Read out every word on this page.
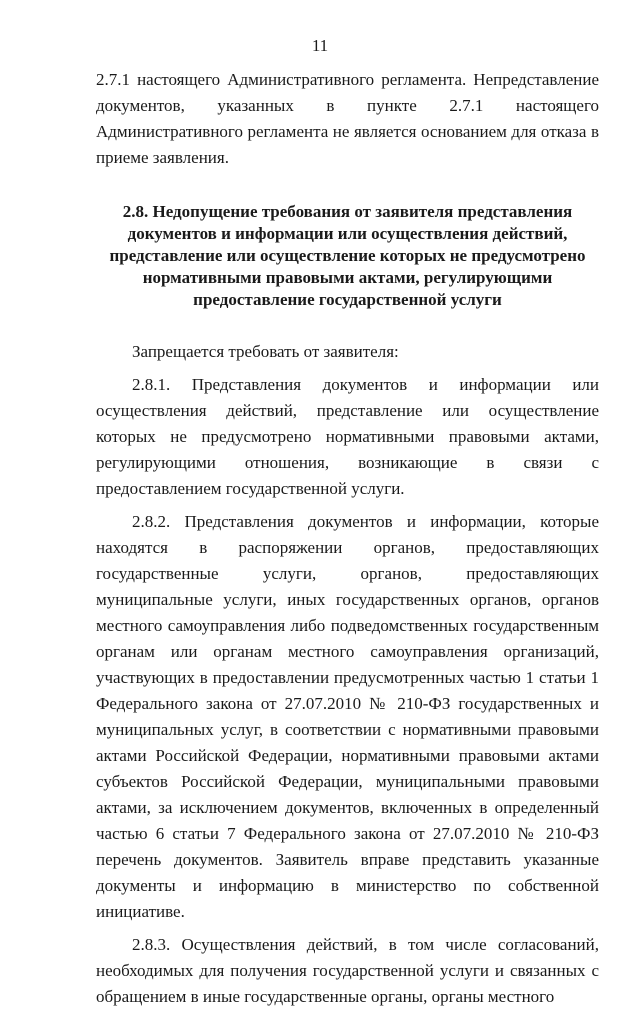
11

2.7.1 настоящего Административного регламента. Непредставление документов, указанных в пункте 2.7.1 настоящего Административного регламента не является основанием для отказа в приеме заявления.

2.8. Недопущение требования от заявителя представления документов и информации или осуществления действий, представление или осуществление которых не предусмотрено нормативными правовыми актами, регулирующими предоставление государственной услуги

Запрещается требовать от заявителя:

2.8.1. Представления документов и информации или осуществления действий, представление или осуществление которых не предусмотрено нормативными правовыми актами, регулирующими отношения, возникающие в связи с предоставлением государственной услуги.

2.8.2. Представления документов и информации, которые находятся в распоряжении органов, предоставляющих государственные услуги, органов, предоставляющих муниципальные услуги, иных государственных органов, органов местного самоуправления либо подведомственных государственным органам или органам местного самоуправления организаций, участвующих в предоставлении предусмотренных частью 1 статьи 1 Федерального закона от 27.07.2010 № 210-ФЗ государственных и муниципальных услуг, в соответствии с нормативными правовыми актами Российской Федерации, нормативными правовыми актами субъектов Российской Федерации, муниципальными правовыми актами, за исключением документов, включенных в определенный частью 6 статьи 7 Федерального закона от 27.07.2010 № 210-ФЗ перечень документов. Заявитель вправе представить указанные документы и информацию в министерство по собственной инициативе.

2.8.3. Осуществления действий, в том числе согласований, необходимых для получения государственной услуги и связанных с обращением в иные государственные органы, органы местного
